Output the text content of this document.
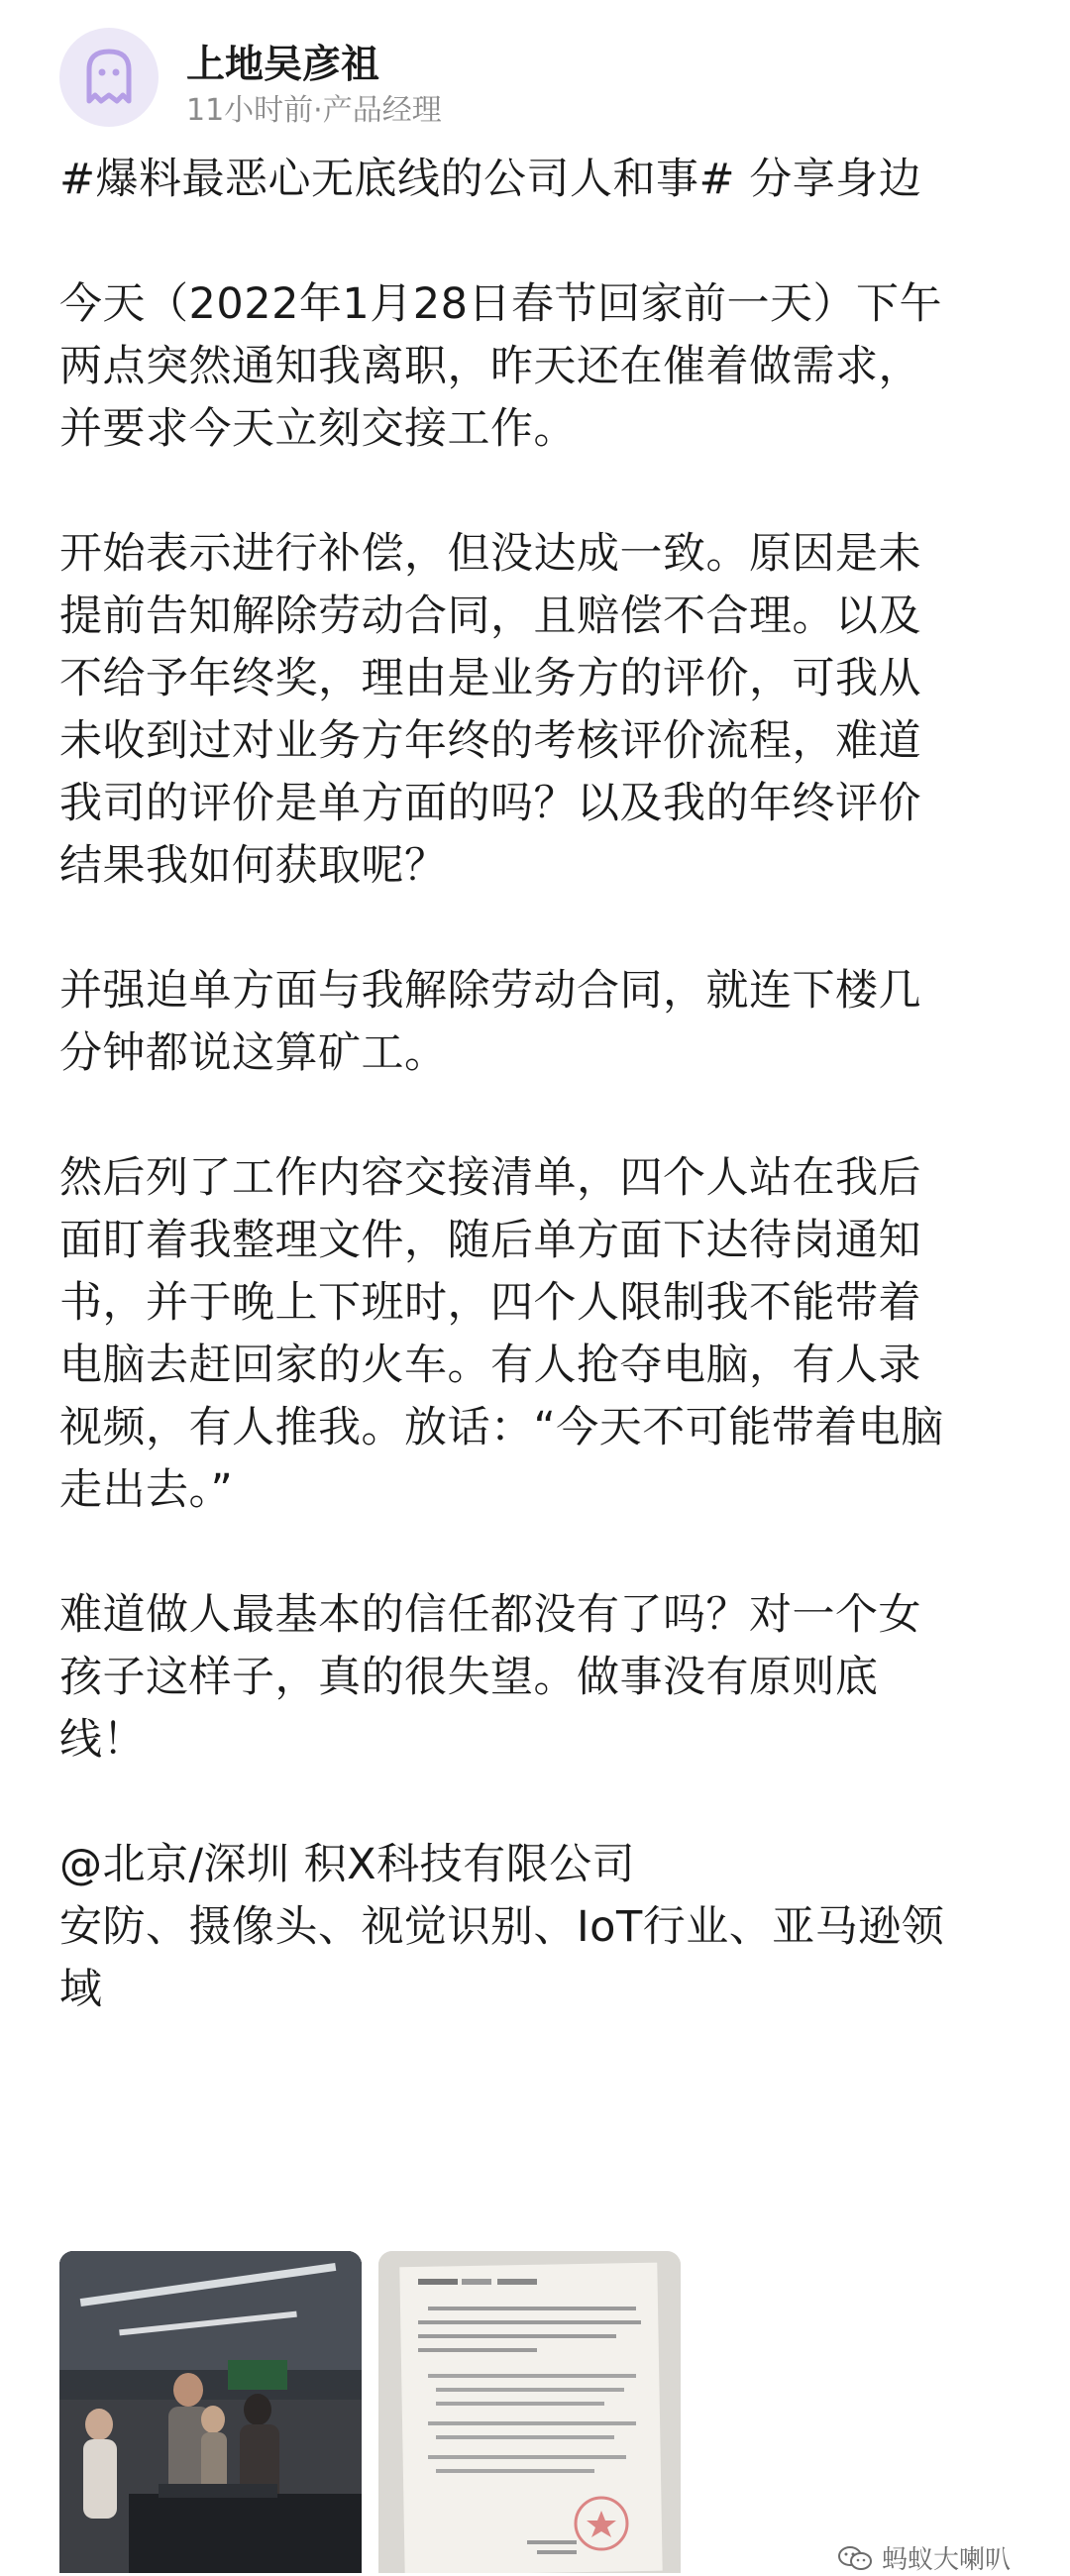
上地吴彦祖
11小时前·产品经理
#爆料最恶心无底线的公司人和事# 分享身边
今天（2022年1月28日春节回家前一天）下午
两点突然通知我离职，昨天还在催着做需求，
并要求今天立刻交接工作。
开始表示进行补偿，但没达成一致。原因是未
提前告知解除劳动合同，且赔偿不合理。以及
不给予年终奖，理由是业务方的评价，可我从
未收到过对业务方年终的考核评价流程，难道
我司的评价是单方面的吗？以及我的年终评价
结果我如何获取呢？
并强迫单方面与我解除劳动合同，就连下楼几
分钟都说这算矿工。
然后列了工作内容交接清单，四个人站在我后
面盯着我整理文件，随后单方面下达待岗通知
书，并于晚上下班时，四个人限制我不能带着
电脑去赶回家的火车。有人抢夺电脑，有人录
视频，有人推我。放话：“今天不可能带着电脑
走出去。”
难道做人最基本的信任都没有了吗？对一个女
孩子这样子，真的很失望。做事没有原则底
线！
@北京/深圳 积X科技有限公司
安防、摄像头、视觉识别、IoT行业、亚马逊领
域
蚂蚁大喇叭
